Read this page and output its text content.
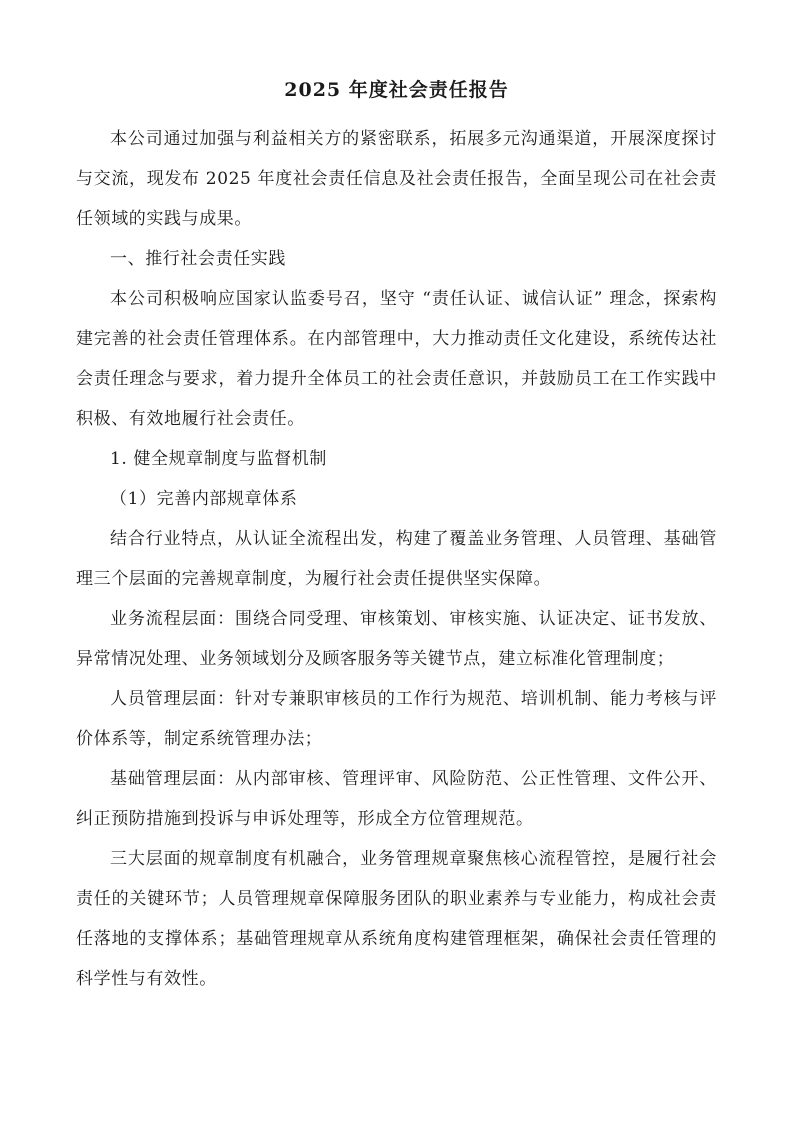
2025 年度社会责任报告

本公司通过加强与利益相关方的紧密联系，拓展多元沟通渠道，开展深度探讨与交流，现发布 2025 年度社会责任信息及社会责任报告，全面呈现公司在社会责任领域的实践与成果。

一、推行社会责任实践

本公司积极响应国家认监委号召，坚守 “责任认证、诚信认证” 理念，探索构建完善的社会责任管理体系。在内部管理中，大力推动责任文化建设，系统传达社会责任理念与要求，着力提升全体员工的社会责任意识，并鼓励员工在工作实践中积极、有效地履行社会责任。

1. 健全规章制度与监督机制

（1）完善内部规章体系

结合行业特点，从认证全流程出发，构建了覆盖业务管理、人员管理、基础管理三个层面的完善规章制度，为履行社会责任提供坚实保障。

业务流程层面：围绕合同受理、审核策划、审核实施、认证决定、证书发放、异常情况处理、业务领域划分及顾客服务等关键节点，建立标准化管理制度；

人员管理层面：针对专兼职审核员的工作行为规范、培训机制、能力考核与评价体系等，制定系统管理办法；

基础管理层面：从内部审核、管理评审、风险防范、公正性管理、文件公开、纠正预防措施到投诉与申诉处理等，形成全方位管理规范。

三大层面的规章制度有机融合，业务管理规章聚焦核心流程管控，是履行社会责任的关键环节；人员管理规章保障服务团队的职业素养与专业能力，构成社会责任落地的支撑体系；基础管理规章从系统角度构建管理框架，确保社会责任管理的科学性与有效性。
